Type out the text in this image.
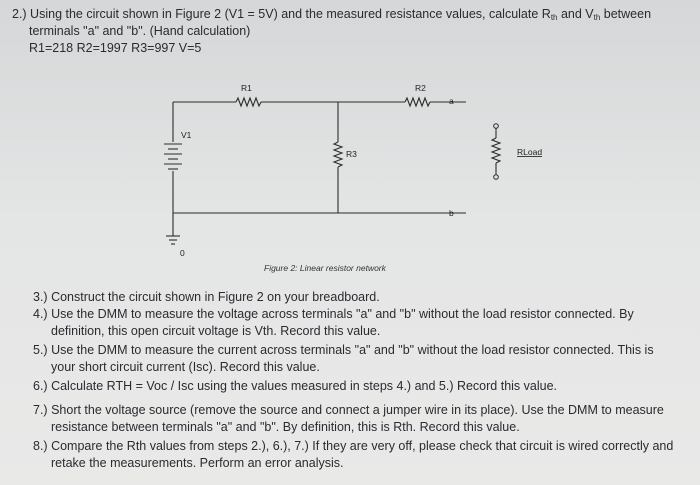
2.) Using the circuit shown in Figure 2 (V1 = 5V) and the measured resistance values, calculate $R_{th}$ and $V_{th}$ between
terminals "a" and "b". (Hand calculation)
R1=218 R2=1997 R3=997 V=5
R1	R2
R3
V1
0
a
b
RLoad
Figure 2: Linear resistor network
3.) Construct the circuit shown in Figure 2 on your breadboard.
4.) Use the DMM to measure the voltage across terminals "a" and "b" without the load resistor connected. By
definition, this open circuit voltage is Vth. Record this value.
5.) Use the DMM to measure the current across terminals "a" and "b" without the load resistor connected. This is
your short circuit current (Isc). Record this value.
6.) Calculate RTH = Voc / Isc using the values measured in steps 4.) and 5.) Record this value.
7.) Short the voltage source (remove the source and connect a jumper wire in its place). Use the DMM to measure
resistance between terminals "a" and "b". By definition, this is Rth. Record this value.
8.) Compare the Rth values from steps 2.), 6.), 7.) If they are very off, please check that circuit is wired correctly and
retake the measurements. Perform an error analysis.
